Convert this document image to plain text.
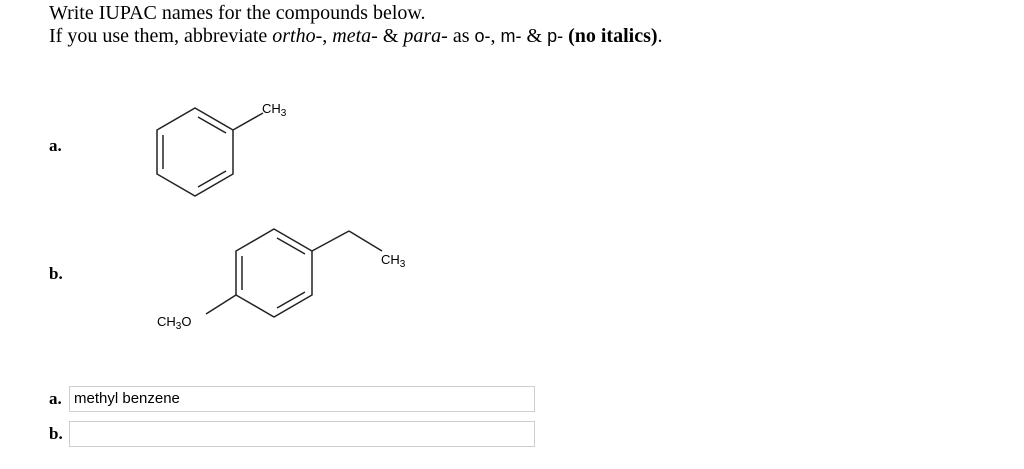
Write IUPAC names for the compounds below.
If you use them, abbreviate ortho-, meta- & para- as o-, m- & p- (no italics).
a.
b.
$CH_3$
$CH_3$
$CH_3O$
a.
methyl benzene
b.
